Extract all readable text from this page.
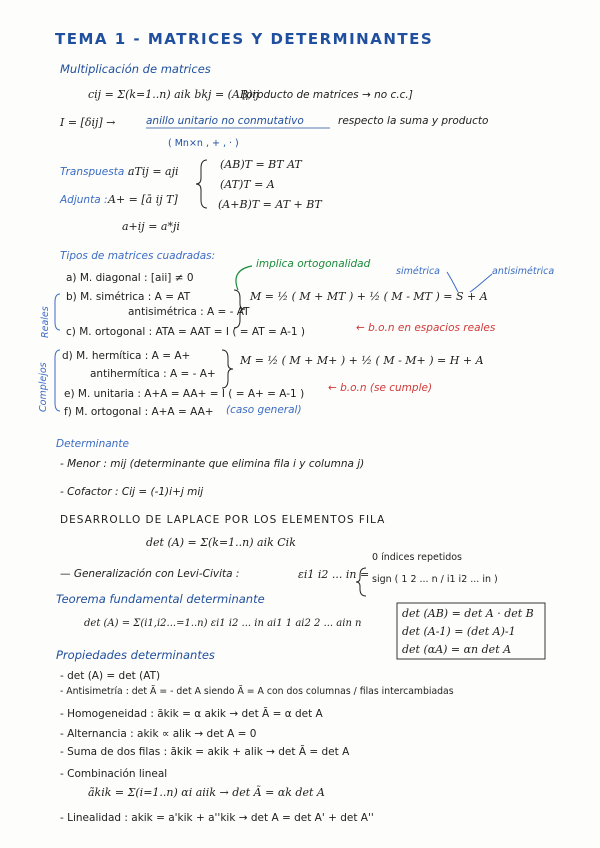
TEMA 1 - MATRICES Y DETERMINANTES
Multiplicación de matrices
cij = Σ(k=1..n) aik bkj = (AB)ij
[producto de matrices → no c.c.]
I = [δij] →	anillo unitario no conmutativo	respecto la suma y producto
( Mn×n , + , · )
Transpuesta :
aTij = aji
Adjunta : A+ = [ā ij T]
a+ij = a*ji
(AB)T = BT AT
(AT)T = A
(A+B)T = AT + BT
Tipos de matrices cuadradas:
implica ortogonalidad
simétrica	antisimétrica
Reales
Complejos
a) M. diagonal : [aii] ≠ 0
b) M. simétrica : A = AT
antisimétrica : A = - AT
M = ½ ( M + MT ) + ½ ( M - MT ) = S + A
c) M. ortogonal : ATA = AAT = I ( = AT = A-1 )	← b.o.n en espacios reales
d) M. hermítica : A = A+
antihermítica : A = - A+
M = ½ ( M + M+ ) + ½ ( M - M+ ) = H + A
e) M. unitaria : A+A = AA+ = I ( = A+ = A-1 ) ← b.o.n (se cumple)
f) M. ortogonal : A+A = AA+ (caso general)
Determinante
- Menor : mij (determinante que elimina fila i y columna j)
- Cofactor : Cij = (-1)i+j mij
DESARROLLO DE LAPLACE POR LOS ELEMENTOS FILA
det (A) = Σ(k=1..n) aik Cik
— Generalización con Levi-Civita :	εi1 i2 ... in =
0 índices repetidos
sign ( 1 2 ... n / i1 i2 ... in )
Teorema fundamental determinante
det (A) = Σ(i1,i2...=1..n) εi1 i2 ... in ai1 1 ai2 2 ... ain n
det (AB) = det A · det B
det (A-1) = (det A)-1
det (αA) = αn det A
Propiedades determinantes
- det (A) = det (AT)
- Antisimetría : det Ã = - det A siendo Ã = A con dos columnas / filas intercambiadas
- Homogeneidad : ãkik = α akik → det Ã = α det A
- Alternancia : akik ∝ alik → det A = 0
- Suma de dos filas : ãkik = akik + alik → det Ã = det A
- Combinación lineal
ãkik = Σ(i=1..n) αi aiik → det Ã = αk det A
- Linealidad : akik = a'kik + a''kik → det A = det A' + det A''
